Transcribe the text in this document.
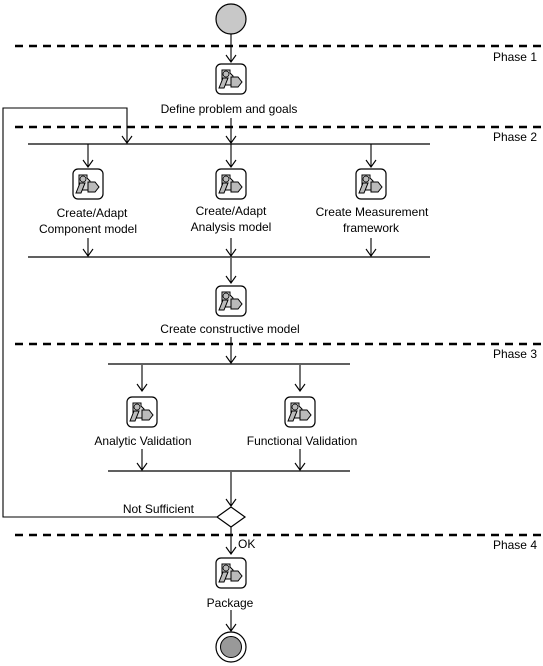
Phase 1
Phase 2
Phase 3
Phase 4
Define problem and goals
Create/Adapt
Component model
Create/Adapt
Analysis model
Create Measurement
framework
Create constructive model
Analytic Validation	Functional Validation
Package
Not Sufficient
OK
